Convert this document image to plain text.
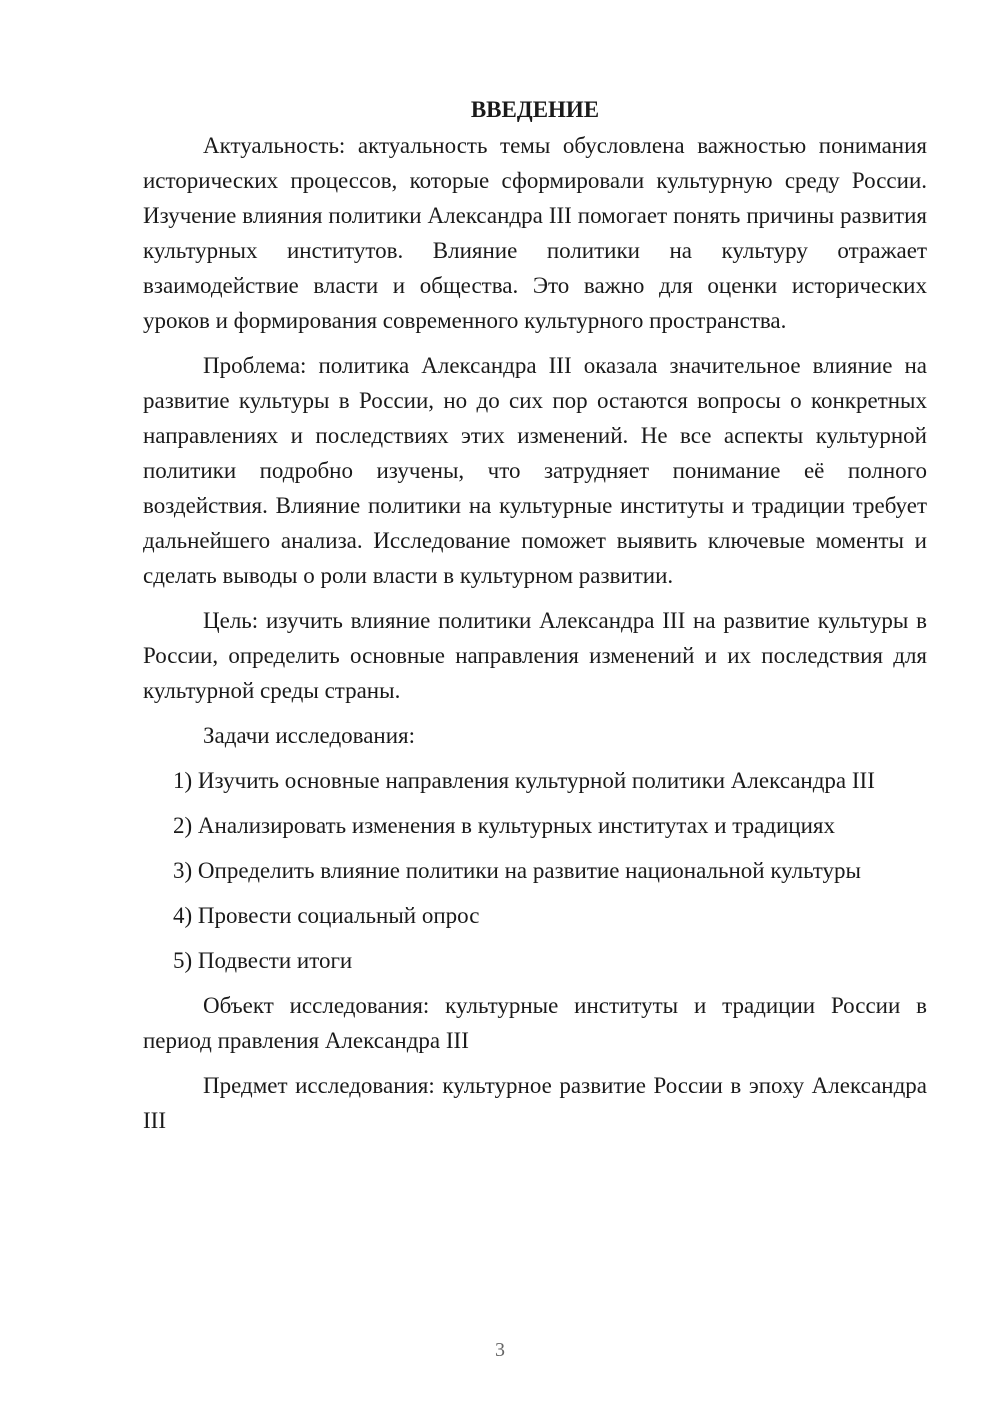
ВВЕДЕНИЕ

Актуальность: актуальность темы обусловлена важностью понимания исторических процессов, которые сформировали культурную среду России. Изучение влияния политики Александра III помогает понять причины развития культурных институтов. Влияние политики на культуру отражает взаимодействие власти и общества. Это важно для оценки исторических уроков и формирования современного культурного пространства.

Проблема: политика Александра III оказала значительное влияние на развитие культуры в России, но до сих пор остаются вопросы о конкретных направлениях и последствиях этих изменений. Не все аспекты культурной политики подробно изучены, что затрудняет понимание её полного воздействия. Влияние политики на культурные институты и традиции требует дальнейшего анализа. Исследование поможет выявить ключевые моменты и сделать выводы о роли власти в культурном развитии.

Цель: изучить влияние политики Александра III на развитие культуры в России, определить основные направления изменений и их последствия для культурной среды страны.

Задачи исследования:

1) Изучить основные направления культурной политики Александра III
2) Анализировать изменения в культурных институтах и традициях
3) Определить влияние политики на развитие национальной культуры
4) Провести социальный опрос
5) Подвести итоги

Объект исследования: культурные институты и традиции России в период правления Александра III

Предмет исследования: культурное развитие России в эпоху Александра III

3
